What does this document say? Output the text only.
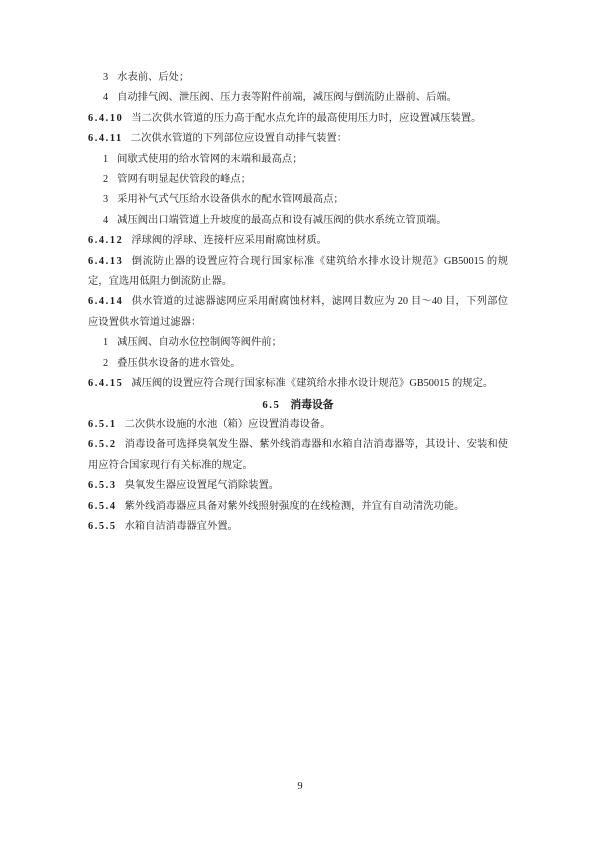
3 水表前、后处；

4 自动排气阀、泄压阀、压力表等附件前端，减压阀与倒流防止器前、后端。

6.4.10 当二次供水管道的压力高于配水点允许的最高使用压力时，应设置减压装置。

6.4.11 二次供水管道的下列部位应设置自动排气装置：

1 间歇式使用的给水管网的末端和最高点；

2 管网有明显起伏管段的峰点；

3 采用补气式气压给水设备供水的配水管网最高点；

4 减压阀出口端管道上升坡度的最高点和设有减压阀的供水系统立管顶端。

6.4.12 浮球阀的浮球、连接杆应采用耐腐蚀材质。

6.4.13 倒流防止器的设置应符合现行国家标准《建筑给水排水设计规范》GB50015 的规定，宜选用低阻力倒流防止器。

6.4.14 供水管道的过滤器滤网应采用耐腐蚀材料，滤网目数应为 20 目～40 目，下列部位应设置供水管道过滤器：

1 减压阀、自动水位控制阀等阀件前；

2 叠压供水设备的进水管处。

6.4.15 减压阀的设置应符合现行国家标准《建筑给水排水设计规范》GB50015 的规定。

6.5 消毒设备

6.5.1 二次供水设施的水池（箱）应设置消毒设备。

6.5.2 消毒设备可选择臭氧发生器、紫外线消毒器和水箱自洁消毒器等，其设计、安装和使用应符合国家现行有关标准的规定。

6.5.3 臭氧发生器应设置尾气消除装置。

6.5.4 紫外线消毒器应具备对紫外线照射强度的在线检测，并宜有自动清洗功能。

6.5.5 水箱自洁消毒器宜外置。

9
